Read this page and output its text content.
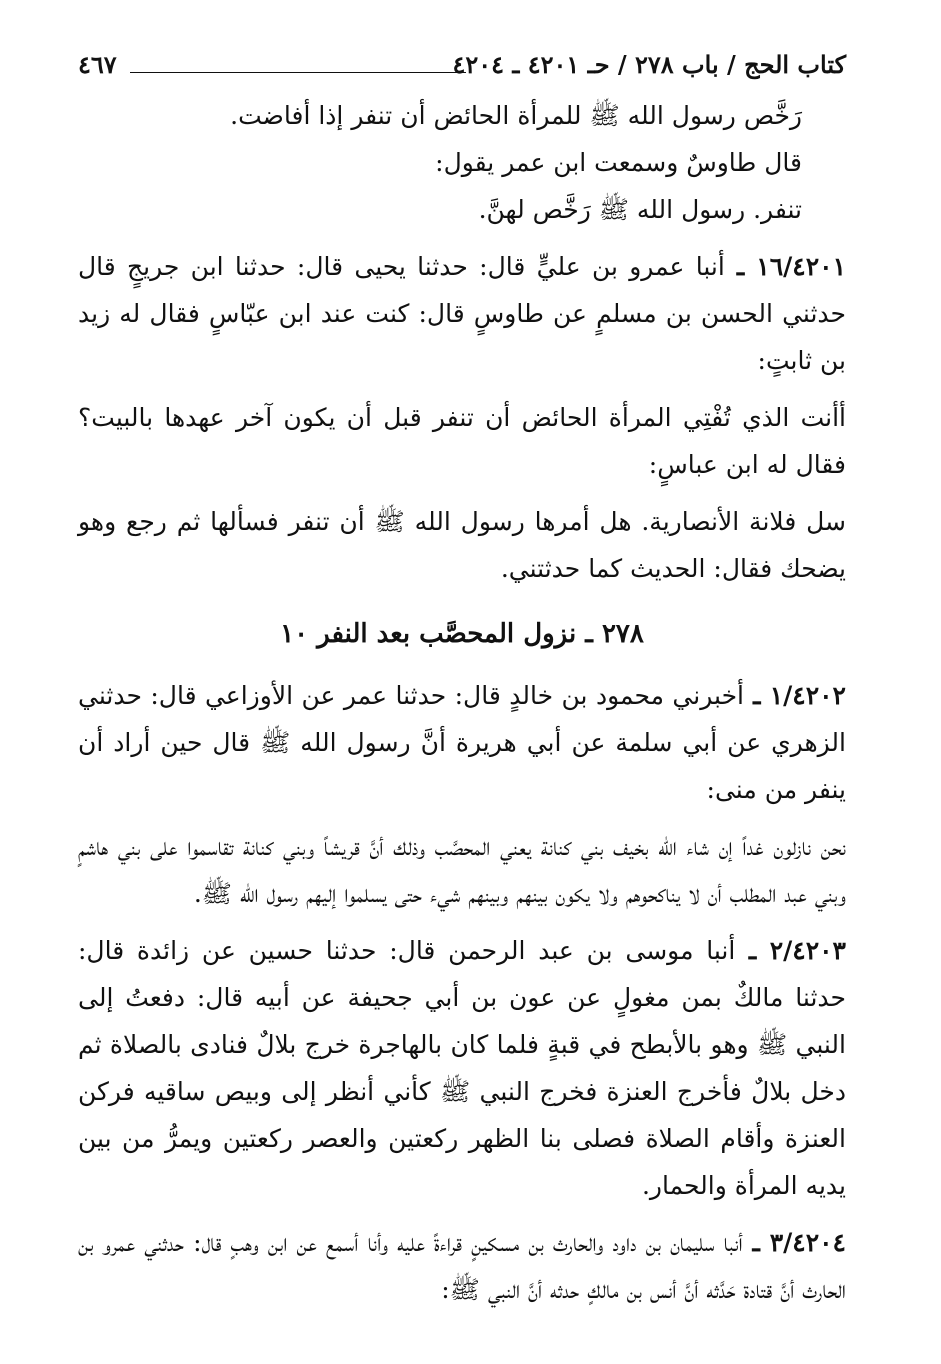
كتاب الحج / باب ٢٧٨ / حـ ٤٢٠١ ـ ٤٢٠٤
٤٦٧

رَخَّص رسول الله ﷺ للمرأة الحائض أن تنفر إذا أفاضت.

قال طاوسٌ وسمعت ابن عمر يقول:

تنفر. رسول الله ﷺ رَخَّص لهنَّ.

١٦/٤٢٠١ ـ أنبا عمرو بن عليٍّ قال: حدثنا يحيى قال: حدثنا ابن جريجٍ قال حدثني الحسن بن مسلمٍ عن طاوسٍ قال: كنت عند ابن عبّاسٍ فقال له زيد بن ثابتٍ:

أأنت الذي تُفْتِي المرأة الحائض أن تنفر قبل أن يكون آخر عهدها بالبيت؟ فقال له ابن عباسٍ:

سل فلانة الأنصارية. هل أمرها رسول الله ﷺ أن تنفر فسألها ثم رجع وهو يضحك فقال: الحديث كما حدثتني.

٢٧٨ ـ نزول المحصَّب بعد النفر ١٠

١/٤٢٠٢ ـ أخبرني محمود بن خالدٍ قال: حدثنا عمر عن الأوزاعي قال: حدثني الزهري عن أبي سلمة عن أبي هريرة أنَّ رسول الله ﷺ قال حين أراد أن ينفر من منى:

نحن نازلون غداً إن شاء الله بخيف بني كنانة يعني المحصَّب وذلك أنَّ قريشاً وبني كنانة تقاسموا على بني هاشمٍ وبني عبد المطلب أن لا يناكحوهم ولا يكون بينهم وبينهم شيء حتى يسلموا إليهم رسول الله ﷺ.

٢/٤٢٠٣ ـ أنبا موسى بن عبد الرحمن قال: حدثنا حسين عن زائدة قال: حدثنا مالكٌ بمن مغولٍ عن عون بن أبي جحيفة عن أبيه قال: دفعتُ إلى النبي ﷺ وهو بالأبطح في قبةٍ فلما كان بالهاجرة خرج بلالٌ فنادى بالصلاة ثم دخل بلالٌ فأخرج العنزة فخرج النبي ﷺ كأني أنظر إلى وبيص ساقيه فركن العنزة وأقام الصلاة فصلى بنا الظهر ركعتين والعصر ركعتين ويمرُّ من بين يديه المرأة والحمار.

٣/٤٢٠٤ ـ أنبا سليمان بن داود والحارث بن مسكينٍ قراءةً عليه وأنا أسمع عن ابن وهبٍ قال: حدثني عمرو بن الحارث أنَّ قتادة حَدَّثه أنَّ أنس بن مالكٍ حدثه أنَّ النبي ﷺ:
